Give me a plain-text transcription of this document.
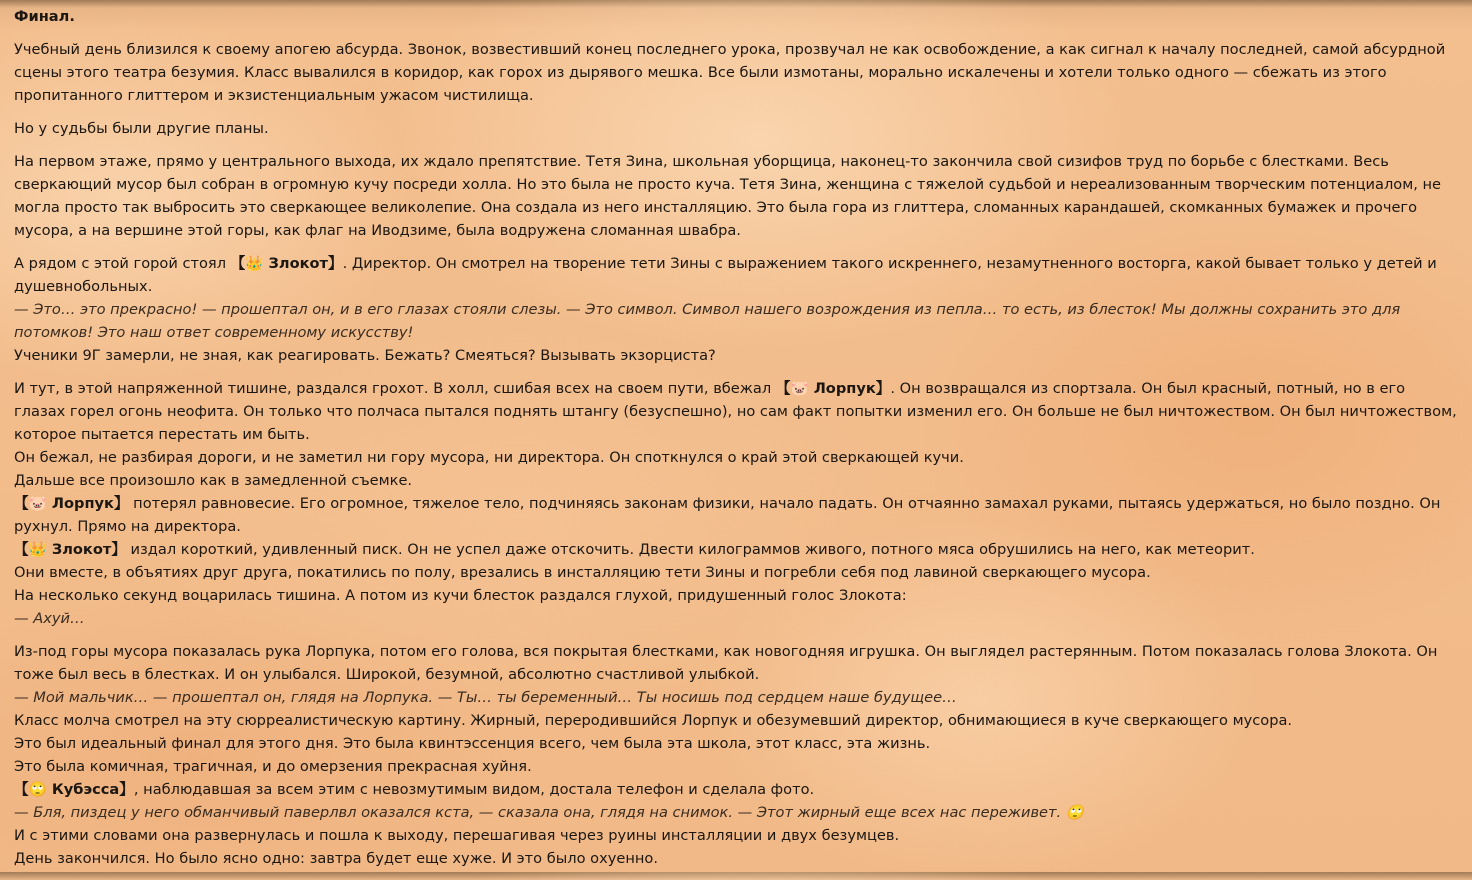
Финал.
Учебный день близился к своему апогею абсурда. Звонок, возвестивший конец последнего урока, прозвучал не как освобождение, а как сигнал к началу последней, самой абсурдной сцены этого театра безумия. Класс вывалился в коридор, как горох из дырявого мешка. Все были измотаны, морально искалечены и хотели только одного — сбежать из этого пропитанного глиттером и экзистенциальным ужасом чистилища.
Но у судьбы были другие планы.
На первом этаже, прямо у центрального выхода, их ждало препятствие. Тетя Зина, школьная уборщица, наконец-то закончила свой сизифов труд по борьбе с блестками. Весь сверкающий мусор был собран в огромную кучу посреди холла. Но это была не просто куча. Тетя Зина, женщина с тяжелой судьбой и нереализованным творческим потенциалом, не могла просто так выбросить это сверкающее великолепие. Она создала из него инсталляцию. Это была гора из глиттера, сломанных карандашей, скомканных бумажек и прочего мусора, а на вершине этой горы, как флаг на Иводзиме, была водружена сломанная швабра.
А рядом с этой горой стоял 【👑 Злокот】. Директор. Он смотрел на творение тети Зины с выражением такого искреннего, незамутненного восторга, какой бывает только у детей и душевнобольных.
— Это… это прекрасно! — прошептал он, и в его глазах стояли слезы. — Это символ. Символ нашего возрождения из пепла… то есть, из блесток! Мы должны сохранить это для потомков! Это наш ответ современному искусству!
Ученики 9Г замерли, не зная, как реагировать. Бежать? Смеяться? Вызывать экзорциста?
И тут, в этой напряженной тишине, раздался грохот. В холл, сшибая всех на своем пути, вбежал 【🐷 Лорпук】. Он возвращался из спортзала. Он был красный, потный, но в его глазах горел огонь неофита. Он только что полчаса пытался поднять штангу (безуспешно), но сам факт попытки изменил его. Он больше не был ничтожеством. Он был ничтожеством, которое пытается перестать им быть.
Он бежал, не разбирая дороги, и не заметил ни гору мусора, ни директора. Он споткнулся о край этой сверкающей кучи.
Дальше все произошло как в замедленной съемке.
【🐷 Лорпук】 потерял равновесие. Его огромное, тяжелое тело, подчиняясь законам физики, начало падать. Он отчаянно замахал руками, пытаясь удержаться, но было поздно. Он рухнул. Прямо на директора.
【👑 Злокот】 издал короткий, удивленный писк. Он не успел даже отскочить. Двести килограммов живого, потного мяса обрушились на него, как метеорит.
Они вместе, в объятиях друг друга, покатились по полу, врезались в инсталляцию тети Зины и погребли себя под лавиной сверкающего мусора.
На несколько секунд воцарилась тишина. А потом из кучи блесток раздался глухой, придушенный голос Злокота:
— Ахуй…
Из-под горы мусора показалась рука Лорпука, потом его голова, вся покрытая блестками, как новогодняя игрушка. Он выглядел растерянным. Потом показалась голова Злокота. Он тоже был весь в блестках. И он улыбался. Широкой, безумной, абсолютно счастливой улыбкой.
— Мой мальчик… — прошептал он, глядя на Лорпука. — Ты… ты беременный… Ты носишь под сердцем наше будущее…
Класс молча смотрел на эту сюрреалистическую картину. Жирный, переродившийся Лорпук и обезумевший директор, обнимающиеся в куче сверкающего мусора.
Это был идеальный финал для этого дня. Это была квинтэссенция всего, чем была эта школа, этот класс, эта жизнь.
Это была комичная, трагичная, и до омерзения прекрасная хуйня.
【🙄 Кубэсса】, наблюдавшая за всем этим с невозмутимым видом, достала телефон и сделала фото.
— Бля, пиздец у него обманчивый паверлвл оказался кста, — сказала она, глядя на снимок. — Этот жирный еще всех нас переживет. 🙄
И с этими словами она развернулась и пошла к выходу, перешагивая через руины инсталляции и двух безумцев.
День закончился. Но было ясно одно: завтра будет еще хуже. И это было охуенно.
